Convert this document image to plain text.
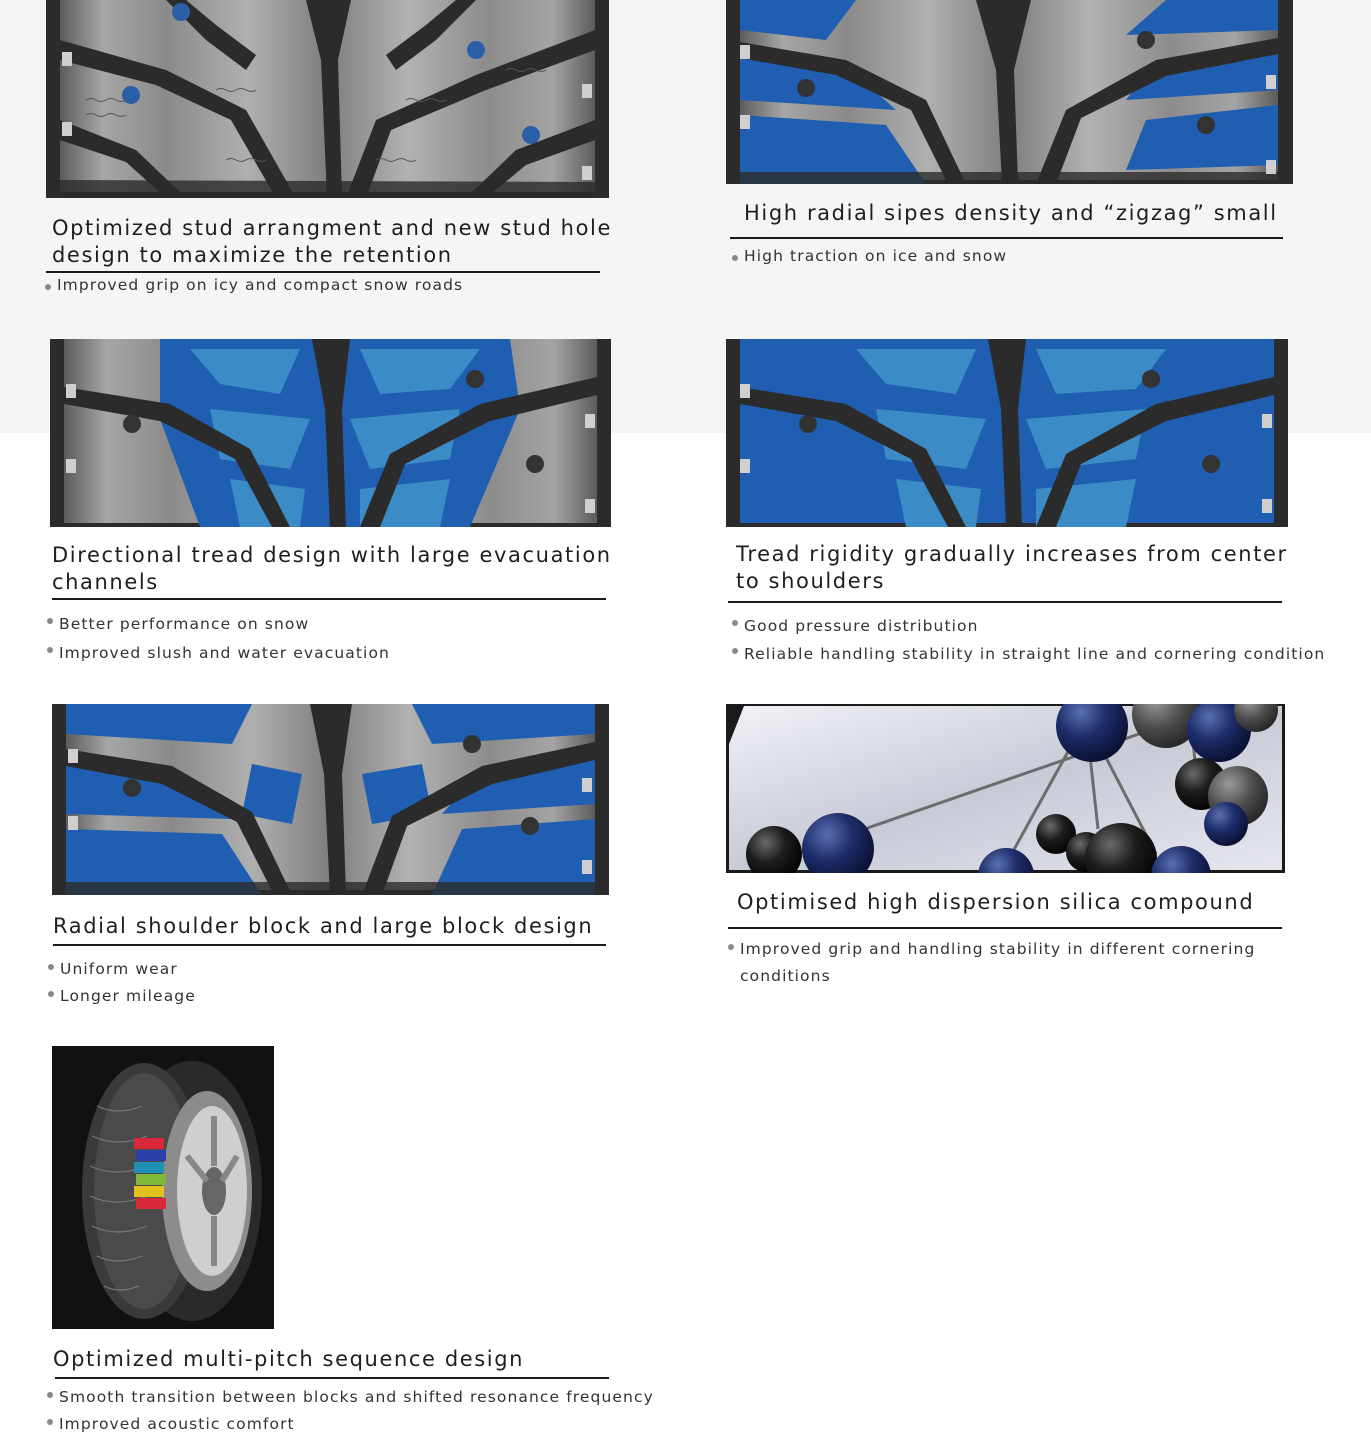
Optimized stud arrangment and new stud hole design to maximize the retention
Improved grip on icy and compact snow roads
High radial sipes density and “zigzag” small
High traction on ice and snow
Directional tread design with large evacuation channels
Better performance on snow
Improved slush and water evacuation
Tread rigidity gradually increases from center to shoulders
Good pressure distribution
Reliable handling stability in straight line and cornering condition
Radial shoulder block and large block design
Uniform wear
Longer mileage
Optimised high dispersion silica compound
Improved grip and handling stability in different cornering conditions
Optimized multi-pitch sequence design
Smooth transition between blocks and shifted resonance frequency
Improved acoustic comfort
